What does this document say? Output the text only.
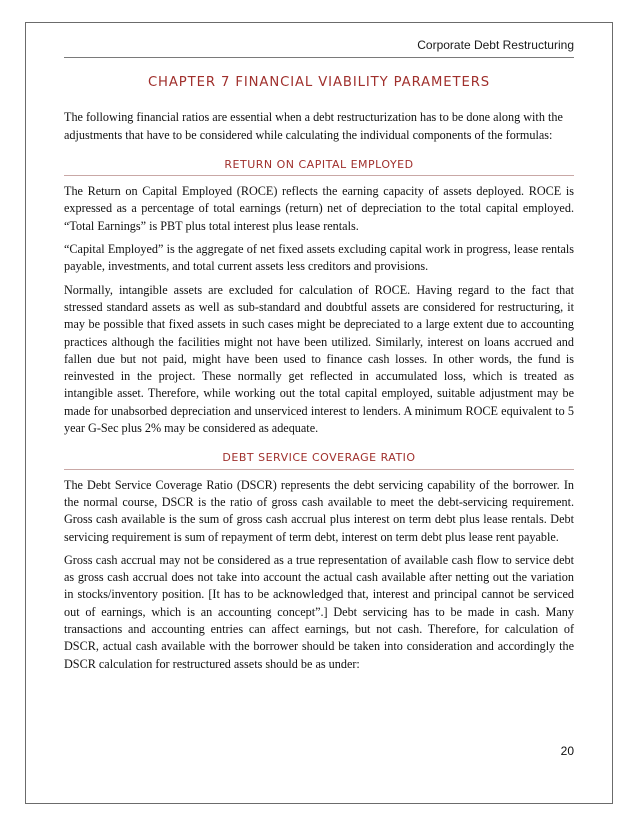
Corporate Debt Restructuring
CHAPTER 7 FINANCIAL VIABILITY PARAMETERS

The following financial ratios are essential when a debt restructurization has to be done along with the adjustments that have to be considered while calculating the individual components of the formulas:

RETURN ON CAPITAL EMPLOYED

The Return on Capital Employed (ROCE) reflects the earning capacity of assets deployed. ROCE is expressed as a percentage of total earnings (return) net of depreciation to the total capital employed. “Total Earnings” is PBT plus total interest plus lease rentals.

“Capital Employed” is the aggregate of net fixed assets excluding capital work in progress, lease rentals payable, investments, and total current assets less creditors and provisions.

Normally, intangible assets are excluded for calculation of ROCE. Having regard to the fact that stressed standard assets as well as sub-standard and doubtful assets are considered for restructuring, it may be possible that fixed assets in such cases might be depreciated to a large extent due to accounting practices although the facilities might not have been utilized. Similarly, interest on loans accrued and fallen due but not paid, might have been used to finance cash losses. In other words, the fund is reinvested in the project. These normally get reflected in accumulated loss, which is treated as intangible asset. Therefore, while working out the total capital employed, suitable adjustment may be made for unabsorbed depreciation and unserviced interest to lenders. A minimum ROCE equivalent to 5 year G-Sec plus 2% may be considered as adequate.

DEBT SERVICE COVERAGE RATIO

The Debt Service Coverage Ratio (DSCR) represents the debt servicing capability of the borrower. In the normal course, DSCR is the ratio of gross cash available to meet the debt-servicing requirement. Gross cash available is the sum of gross cash accrual plus interest on term debt plus lease rentals. Debt servicing requirement is sum of repayment of term debt, interest on term debt plus lease rent payable.

Gross cash accrual may not be considered as a true representation of available cash flow to service debt as gross cash accrual does not take into account the actual cash available after netting out the variation in stocks/inventory position. [It has to be acknowledged that, interest and principal cannot be serviced out of earnings, which is an accounting concept”.] Debt servicing has to be made in cash. Many transactions and accounting entries can affect earnings, but not cash. Therefore, for calculation of DSCR, actual cash available with the borrower should be taken into consideration and accordingly the DSCR calculation for restructured assets should be as under:

20
